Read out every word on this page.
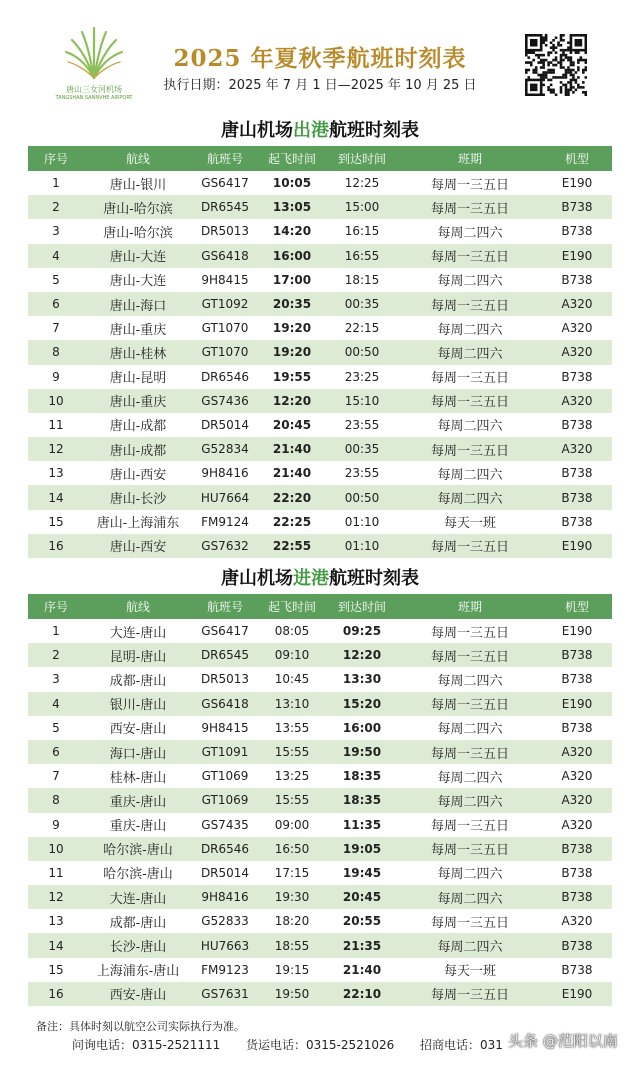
唐山三女河机场
TANGSHAN SANNVHE AIRPORT
2025 年夏秋季航班时刻表
执行日期：2025 年 7 月 1 日—2025 年 10 月 25 日
唐山机场出港航班时刻表
序号	航线	航班号	起飞时间	到达时间	班期	机型
1	唐山-银川	GS6417	10:05	12:25	每周一三五日	E190
2	唐山-哈尔滨	DR6545	13:05	15:00	每周一三五日	B738
3	唐山-哈尔滨	DR5013	14:20	16:15	每周二四六	B738
4	唐山-大连	GS6418	16:00	16:55	每周一三五日	E190
5	唐山-大连	9H8415	17:00	18:15	每周二四六	B738
6	唐山-海口	GT1092	20:35	00:35	每周一三五日	A320
7	唐山-重庆	GT1070	19:20	22:15	每周二四六	A320
8	唐山-桂林	GT1070	19:20	00:50	每周二四六	A320
9	唐山-昆明	DR6546	19:55	23:25	每周一三五日	B738
10	唐山-重庆	GS7436	12:20	15:10	每周一三五日	A320
11	唐山-成都	DR5014	20:45	23:55	每周二四六	B738
12	唐山-成都	G52834	21:40	00:35	每周一三五日	A320
13	唐山-西安	9H8416	21:40	23:55	每周二四六	B738
14	唐山-长沙	HU7664	22:20	00:50	每周二四六	B738
15	唐山-上海浦东	FM9124	22:25	01:10	每天一班	B738
16	唐山-西安	GS7632	22:55	01:10	每周一三五日	E190
唐山机场进港航班时刻表
序号	航线	航班号	起飞时间	到达时间	班期	机型
1	大连-唐山	GS6417	08:05	09:25	每周一三五日	E190
2	昆明-唐山	DR6545	09:10	12:20	每周一三五日	B738
3	成都-唐山	DR5013	10:45	13:30	每周二四六	B738
4	银川-唐山	GS6418	13:10	15:20	每周一三五日	E190
5	西安-唐山	9H8415	13:55	16:00	每周二四六	B738
6	海口-唐山	GT1091	15:55	19:50	每周一三五日	A320
7	桂林-唐山	GT1069	13:25	18:35	每周二四六	A320
8	重庆-唐山	GT1069	15:55	18:35	每周二四六	A320
9	重庆-唐山	GS7435	09:00	11:35	每周一三五日	A320
10	哈尔滨-唐山	DR6546	16:50	19:05	每周一三五日	B738
11	哈尔滨-唐山	DR5014	17:15	19:45	每周二四六	B738
12	大连-唐山	9H8416	19:30	20:45	每周二四六	B738
13	成都-唐山	G52833	18:20	20:55	每周一三五日	A320
14	长沙-唐山	HU7663	18:55	21:35	每周二四六	B738
15	上海浦东-唐山	FM9123	19:15	21:40	每天一班	B738
16	西安-唐山	GS7631	19:50	22:10	每周一三五日	E190
备注：具体时刻以航空公司实际执行为准。
问询电话：0315-2521111 货运电话：0315-2521026 招商电话：031 头条 @范阳以南
